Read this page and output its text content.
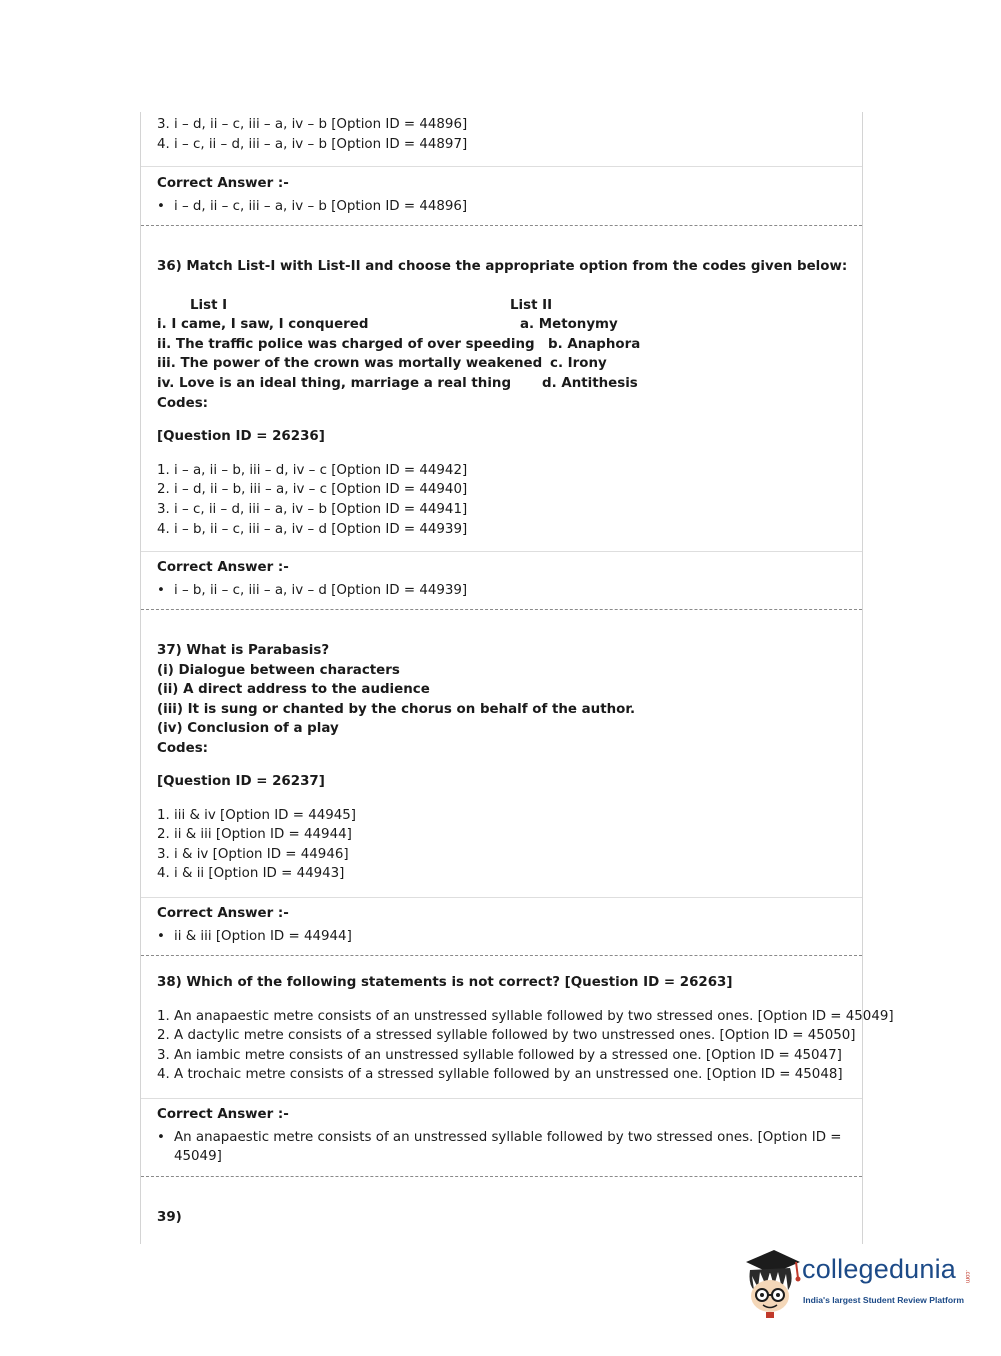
3. i – d, ii – c, iii – a, iv – b [Option ID = 44896]
4. i – c, ii – d, iii – a, iv – b [Option ID = 44897]
Correct Answer :-
• i – d, ii – c, iii – a, iv – b [Option ID = 44896]
36) Match List-I with List-II and choose the appropriate option from the codes given below:
List I	List II
i. I came, I saw, I conquered	a. Metonymy
ii. The traffic police was charged of over speeding b. Anaphora
iii. The power of the crown was mortally weakened c. Irony
iv. Love is an ideal thing, marriage a real thing d. Antithesis
Codes:
[Question ID = 26236]
1. i – a, ii – b, iii – d, iv – c [Option ID = 44942]
2. i – d, ii – b, iii – a, iv – c [Option ID = 44940]
3. i – c, ii – d, iii – a, iv – b [Option ID = 44941]
4. i – b, ii – c, iii – a, iv – d [Option ID = 44939]
Correct Answer :-
• i – b, ii – c, iii – a, iv – d [Option ID = 44939]
37) What is Parabasis?
(i) Dialogue between characters
(ii) A direct address to the audience
(iii) It is sung or chanted by the chorus on behalf of the author.
(iv) Conclusion of a play
Codes:
[Question ID = 26237]
1. iii & iv [Option ID = 44945]
2. ii & iii [Option ID = 44944]
3. i & iv [Option ID = 44946]
4. i & ii [Option ID = 44943]
Correct Answer :-
• ii & iii [Option ID = 44944]
38) Which of the following statements is not correct? [Question ID = 26263]
1. An anapaestic metre consists of an unstressed syllable followed by two stressed ones. [Option ID = 45049]
2. A dactylic metre consists of a stressed syllable followed by two unstressed ones. [Option ID = 45050]
3. An iambic metre consists of an unstressed syllable followed by a stressed one. [Option ID = 45047]
4. A trochaic metre consists of a stressed syllable followed by an unstressed one. [Option ID = 45048]
Correct Answer :-
• An anapaestic metre consists of an unstressed syllable followed by two stressed ones. [Option ID = 45049]
39)
collegedunia .com
India's largest Student Review Platform
